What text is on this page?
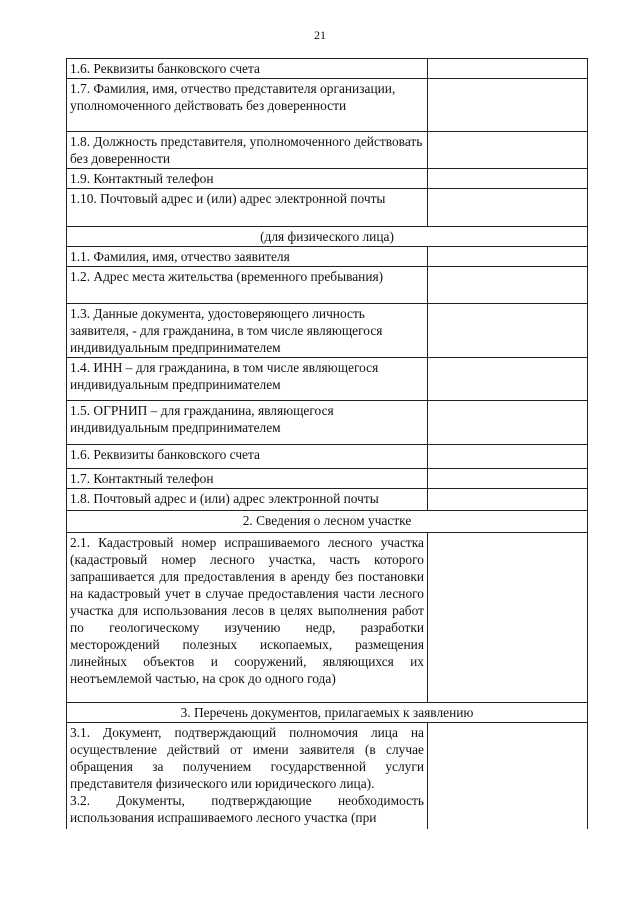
21
1.6. Реквизиты банковского счета	
1.7. Фамилия, имя, отчество представителя организации, уполномоченного действовать без доверенности	
1.8. Должность представителя, уполномоченного действовать без доверенности	
1.9. Контактный телефон	
1.10. Почтовый адрес и (или) адрес электронной почты	
(для физического лица)	
1.1. Фамилия, имя, отчество заявителя	
1.2. Адрес места жительства (временного пребывания)	
1.3. Данные документа, удостоверяющего личность заявителя, - для гражданина, в том числе являющегося индивидуальным предпринимателем	
1.4. ИНН – для гражданина, в том числе являющегося индивидуальным предпринимателем	
1.5. ОГРНИП – для гражданина, являющегося индивидуальным предпринимателем	
1.6. Реквизиты банковского счета	
1.7. Контактный телефон	
1.8. Почтовый адрес и (или) адрес электронной почты	
2. Сведения о лесном участке	

2.1. Кадастровый номер испрашиваемого лесного участка (кадастровый номер лесного участка, часть которого запрашивается для предоставления в аренду без постановки на кадастровый учет в случае предоставления части лесного участка для использования лесов в целях выполнения работ по геологическому изучению недр, разработки месторождений полезных ископаемых, размещения линейных объектов и сооружений, являющихся их неотъемлемой частью, на срок до одного года)	

3. Перечень документов, прилагаемых к заявлению	

3.1. Документ, подтверждающий полномочия лица на осуществление действий от имени заявителя (в случае обращения за получением государственной услуги представителя физического или юридического лица).
3.2. Документы, подтверждающие необходимость использования испрашиваемого лесного участка (при	
